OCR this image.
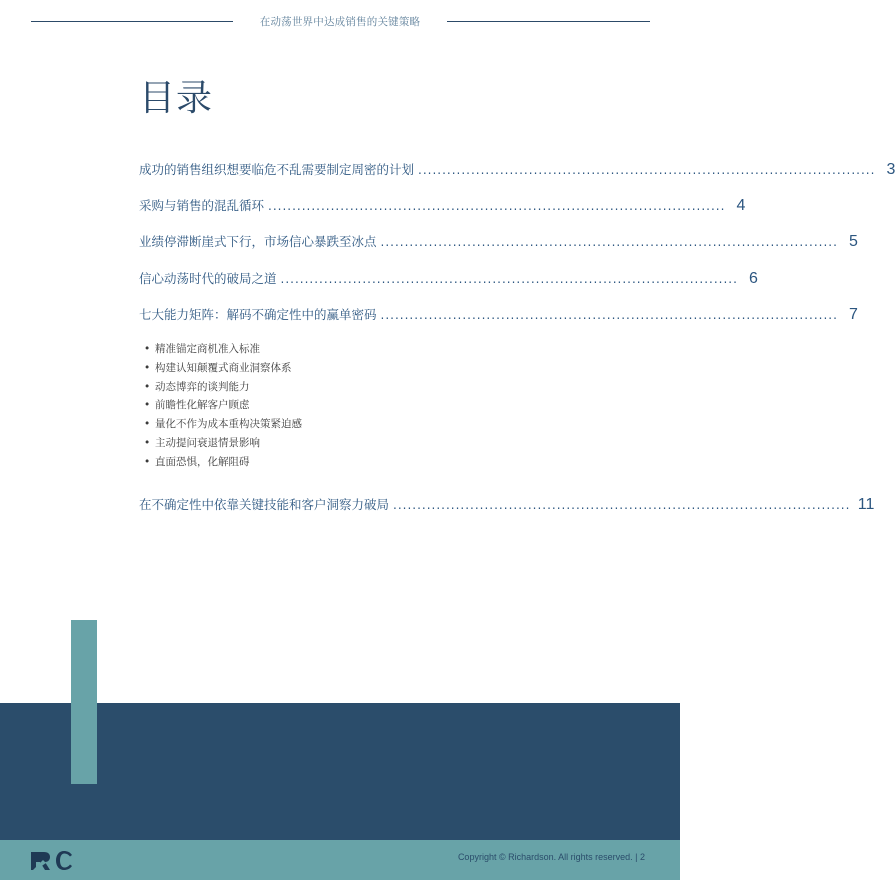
在动荡世界中达成销售的关键策略
目录
成功的销售组织想要临危不乱需要制定周密的计划 ............................................................................................... 3
采购与销售的混乱循环 ............................................................................................... 4
业绩停滞断崖式下行，市场信心暴跌至冰点 ............................................................................................... 5
信心动荡时代的破局之道 ............................................................................................... 6
七大能力矩阵：解码不确定性中的赢单密码 ............................................................................................... 7
• 精准锚定商机准入标准
• 构建认知颠覆式商业洞察体系
• 动态博弈的谈判能力
• 前瞻性化解客户顾虑
• 量化不作为成本重构决策紧迫感
• 主动提问衰退情景影响
• 直面恐惧，化解阻碍
在不确定性中依靠关键技能和客户洞察力破局 ............................................................................................... 11
Copyright © Richardson. All rights reserved. | 2
